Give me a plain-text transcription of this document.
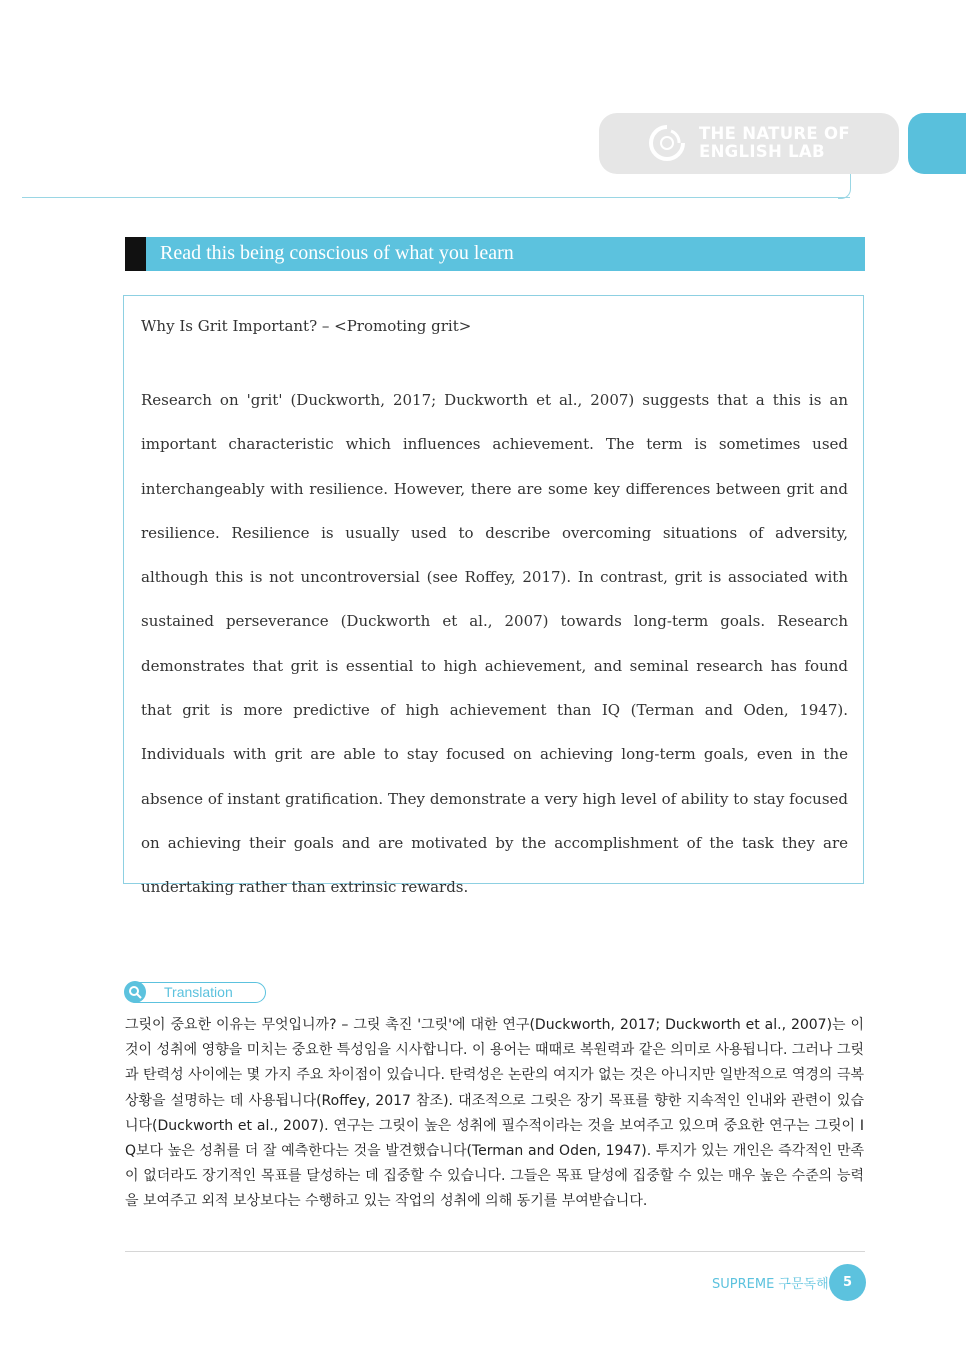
THE NATURE OF
ENGLISH LAB
Read this being conscious of what you learn
Why Is Grit Important? – <Promoting grit>

Research on 'grit' (Duckworth, 2017; Duckworth et al., 2007) suggests that a this is an important characteristic which influences achievement. The term is sometimes used interchangeably with resilience. However, there are some key differences between grit and resilience. Resilience is usually used to describe overcoming situations of adversity, although this is not uncontroversial (see Roffey, 2017). In contrast, grit is associated with sustained perseverance (Duckworth et al., 2007) towards long-term goals. Research demonstrates that grit is essential to high achievement, and seminal research has found that grit is more predictive of high achievement than IQ (Terman and Oden, 1947). Individuals with grit are able to stay focused on achieving long-term goals, even in the absence of instant gratification. They demonstrate a very high level of ability to stay focused on achieving their goals and are motivated by the accomplishment of the task they are undertaking rather than extrinsic rewards.

Translation

그릿이 중요한 이유는 무엇입니까? – 그릿 촉진 '그릿'에 대한 연구(Duckworth, 2017; Duckworth et al., 2007)는 이것이 성취에 영향을 미치는 중요한 특성임을 시사합니다. 이 용어는 때때로 복원력과 같은 의미로 사용됩니다. 그러나 그릿과 탄력성 사이에는 몇 가지 주요 차이점이 있습니다. 탄력성은 논란의 여지가 없는 것은 아니지만 일반적으로 역경의 극복 상황을 설명하는 데 사용됩니다(Roffey, 2017 참조). 대조적으로 그릿은 장기 목표를 향한 지속적인 인내와 관련이 있습니다(Duckworth et al., 2007). 연구는 그릿이 높은 성취에 필수적이라는 것을 보여주고 있으며 중요한 연구는 그릿이 IQ보다 높은 성취를 더 잘 예측한다는 것을 발견했습니다(Terman and Oden, 1947). 투지가 있는 개인은 즉각적인 만족이 없더라도 장기적인 목표를 달성하는 데 집중할 수 있습니다. 그들은 목표 달성에 집중할 수 있는 매우 높은 수준의 능력을 보여주고 외적 보상보다는 수행하고 있는 작업의 성취에 의해 동기를 부여받습니다.

SUPREME 구문독해	5
